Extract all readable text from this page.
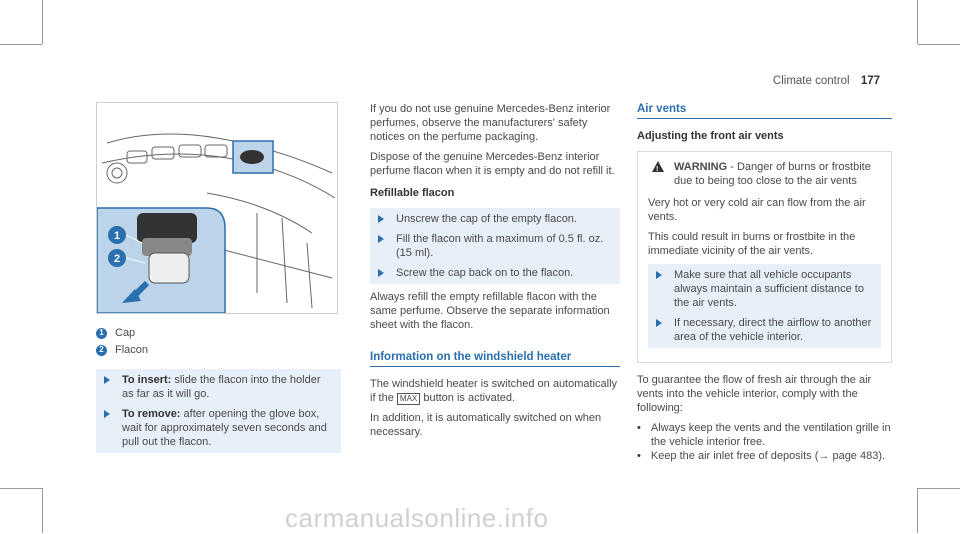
Climate control 177
1
2
1 Cap
2 Flacon
To insert: slide the flacon into the holder as far as it will go.
To remove: after opening the glove box, wait for approximately seven seconds and pull out the flacon.

If you do not use genuine Mercedes-Benz interior perfumes, observe the manufacturers' safety notices on the perfume packaging.

Dispose of the genuine Mercedes-Benz interior perfume flacon when it is empty and do not refill it.

Refillable flacon
Unscrew the cap of the empty flacon.
Fill the flacon with a maximum of 0.5 fl. oz. (15 ml).
Screw the cap back on to the flacon.

Always refill the empty refillable flacon with the same perfume. Observe the separate information sheet with the flacon.

Information on the windshield heater

The windshield heater is switched on automatically if the MAX button is activated.

In addition, it is automatically switched on when necessary.

Air vents
Adjusting the front air vents
!
WARNING - Danger of burns or frostbite due to being too close to the air vents

Very hot or very cold air can flow from the air vents.

This could result in burns or frostbite in the immediate vicinity of the air vents.

Make sure that all vehicle occupants always maintain a sufficient distance to the air vents.
If necessary, direct the airflow to another area of the vehicle interior.

To guarantee the flow of fresh air through the air vents into the vehicle interior, comply with the following:

• Always keep the vents and the ventilation grille in the vehicle interior free.
• Keep the air inlet free of deposits (→ page 483).
carmanualsonline.info
